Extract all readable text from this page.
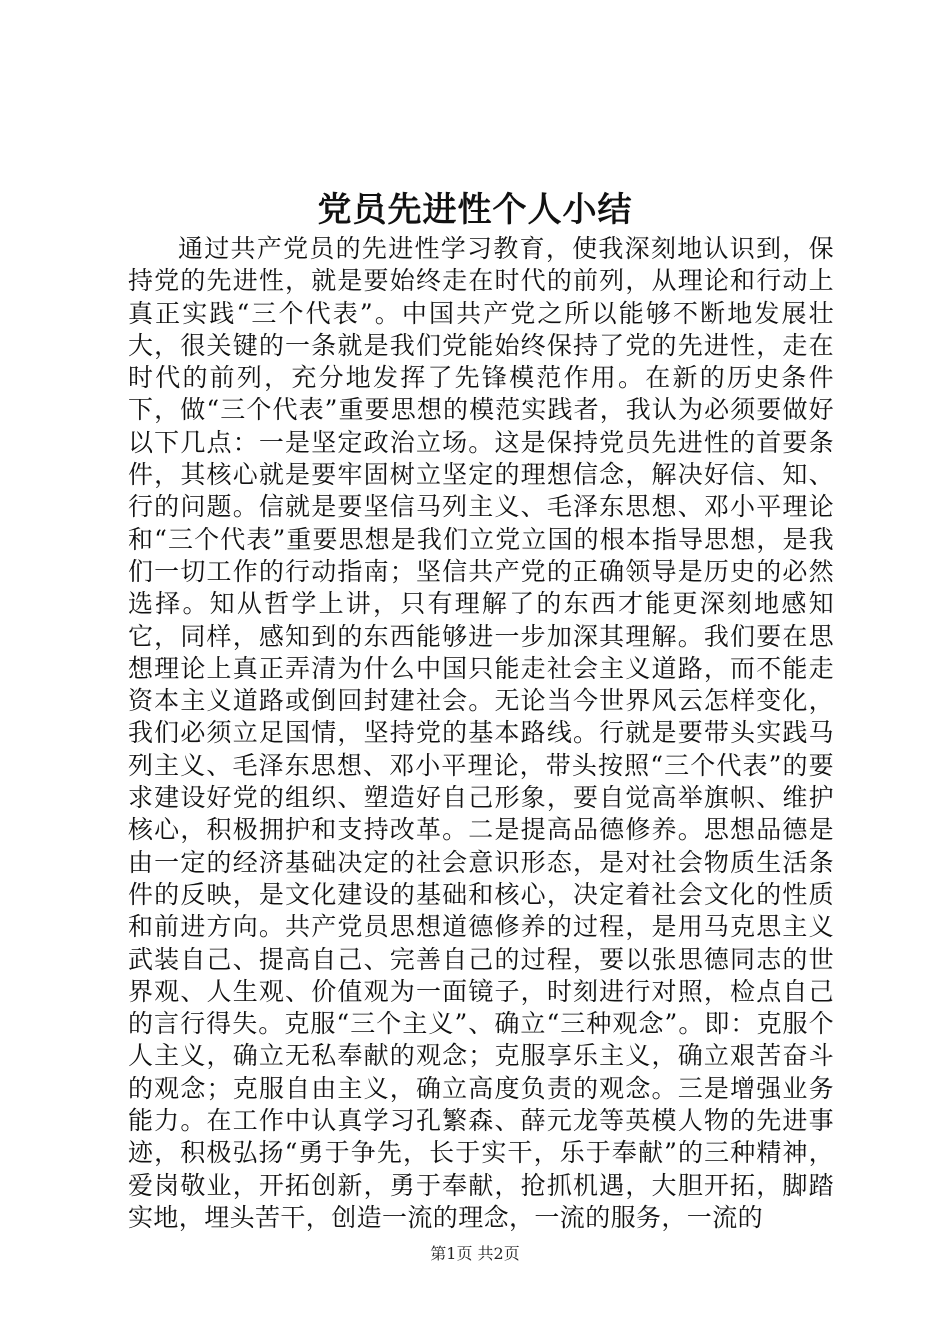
党员先进性个人小结

通过共产党员的先进性学习教育，使我深刻地认识到，保持党的先进性，就是要始终走在时代的前列，从理论和行动上真正实践“三个代表”。中国共产党之所以能够不断地发展壮大，很关键的一条就是我们党能始终保持了党的先进性，走在时代的前列，充分地发挥了先锋模范作用。在新的历史条件下，做“三个代表”重要思想的模范实践者，我认为必须要做好以下几点：一是坚定政治立场。这是保持党员先进性的首要条件，其核心就是要牢固树立坚定的理想信念，解决好信、知、行的问题。信就是要坚信马列主义、毛泽东思想、邓小平理论和“三个代表”重要思想是我们立党立国的根本指导思想，是我们一切工作的行动指南；坚信共产党的正确领导是历史的必然选择。知从哲学上讲，只有理解了的东西才能更深刻地感知它，同样，感知到的东西能够进一步加深其理解。我们要在思想理论上真正弄清为什么中国只能走社会主义道路，而不能走资本主义道路或倒回封建社会。无论当今世界风云怎样变化，我们必须立足国情，坚持党的基本路线。行就是要带头实践马列主义、毛泽东思想、邓小平理论，带头按照“三个代表”的要求建设好党的组织、塑造好自己形象，要自觉高举旗帜、维护核心，积极拥护和支持改革。二是提高品德修养。思想品德是由一定的经济基础决定的社会意识形态，是对社会物质生活条件的反映，是文化建设的基础和核心，决定着社会文化的性质和前进方向。共产党员思想道德修养的过程，是用马克思主义武装自己、提高自己、完善自己的过程，要以张思德同志的世界观、人生观、价值观为一面镜子，时刻进行对照，检点自己的言行得失。克服“三个主义”、确立“三种观念”。即：克服个人主义，确立无私奉献的观念；克服享乐主义，确立艰苦奋斗的观念；克服自由主义，确立高度负责的观念。三是增强业务能力。在工作中认真学习孔繁森、薛元龙等英模人物的先进事迹，积极弘扬“勇于争先，长于实干，乐于奉献”的三种精神，爱岗敬业，开拓创新，勇于奉献，抢抓机遇，大胆开拓，脚踏实地，埋头苦干，创造一流的理念，一流的服务，一流的

第1页 共2页
